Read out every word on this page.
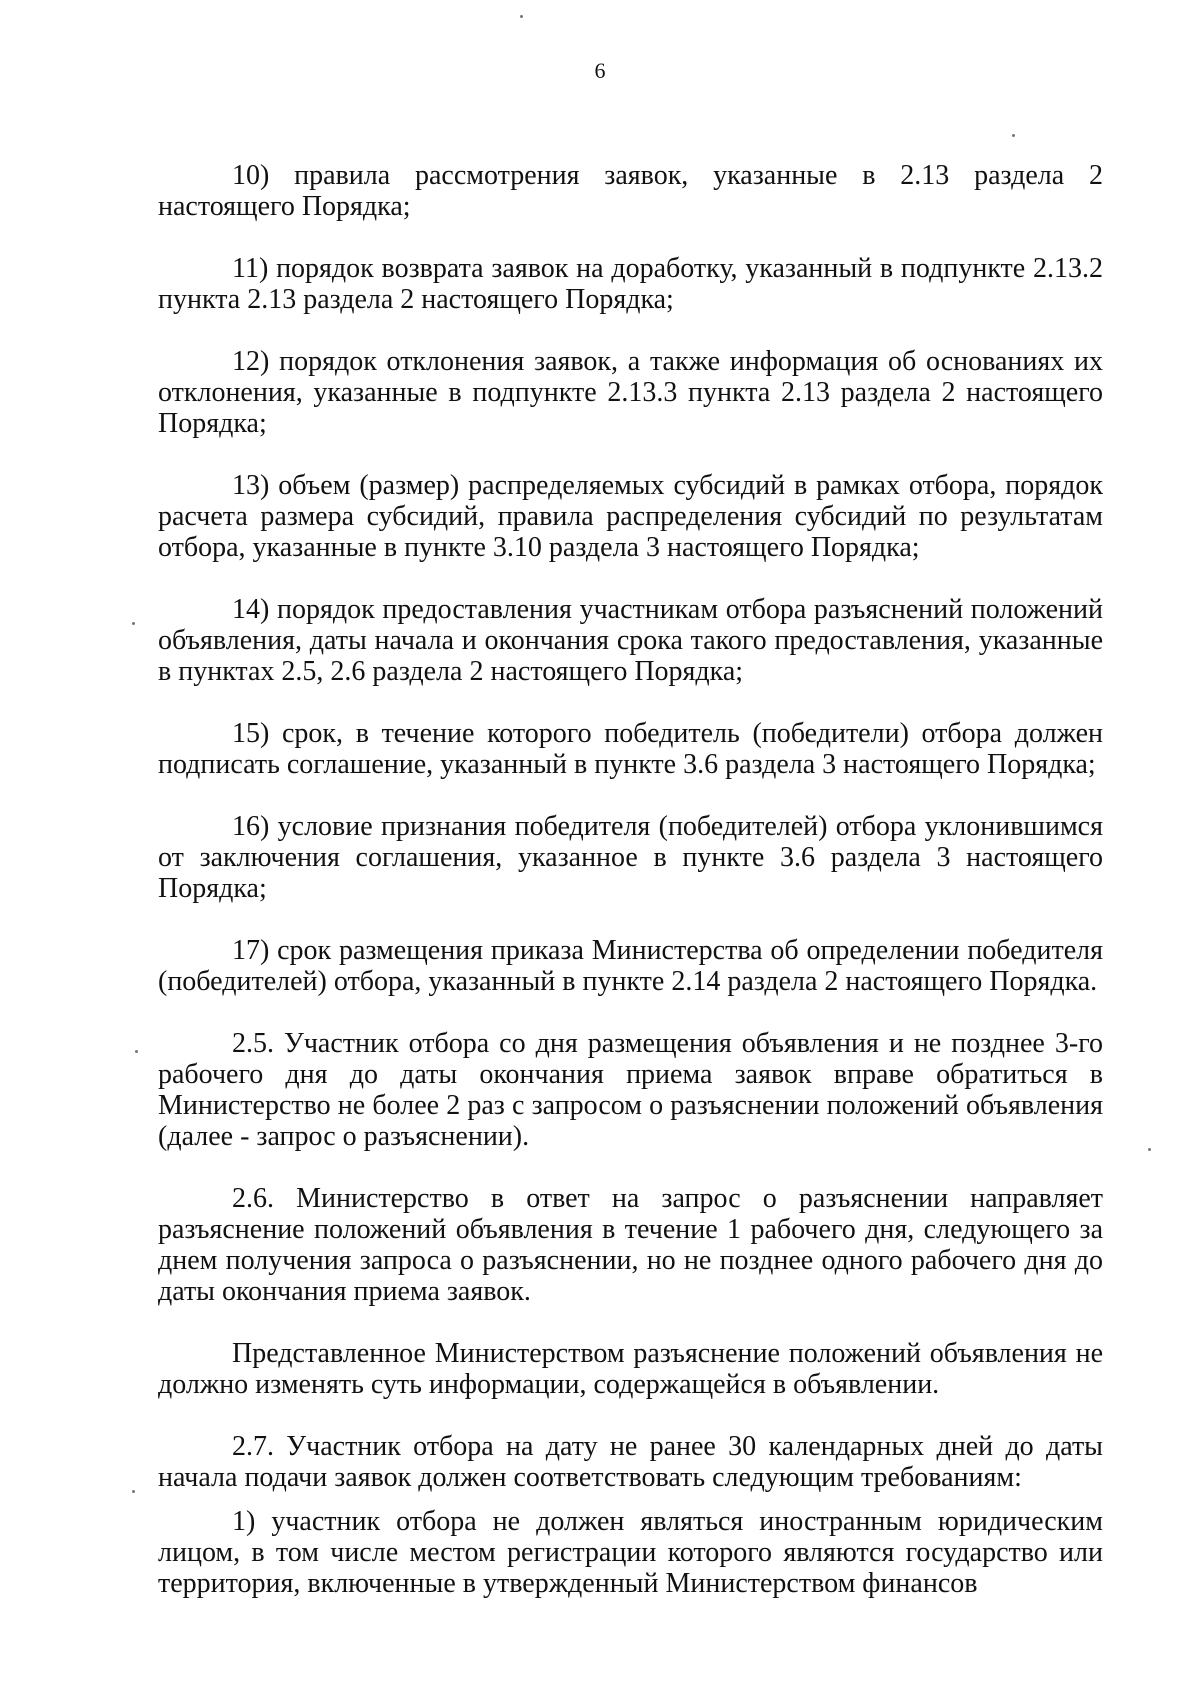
6

10) правила рассмотрения заявок, указанные в 2.13 раздела 2 настоящего Порядка;

11) порядок возврата заявок на доработку, указанный в подпункте 2.13.2 пункта 2.13 раздела 2 настоящего Порядка;

12) порядок отклонения заявок, а также информация об основаниях их отклонения, указанные в подпункте 2.13.3 пункта 2.13 раздела 2 настоящего Порядка;

13) объем (размер) распределяемых субсидий в рамках отбора, порядок расчета размера субсидий, правила распределения субсидий по результатам отбора, указанные в пункте 3.10 раздела 3 настоящего Порядка;

14) порядок предоставления участникам отбора разъяснений положений объявления, даты начала и окончания срока такого предоставления, указанные в пунктах 2.5, 2.6 раздела 2 настоящего Порядка;

15) срок, в течение которого победитель (победители) отбора должен подписать соглашение, указанный в пункте 3.6 раздела 3 настоящего Порядка;

16) условие признания победителя (победителей) отбора уклонившимся от заключения соглашения, указанное в пункте 3.6 раздела 3 настоящего Порядка;

17) срок размещения приказа Министерства об определении победителя (победителей) отбора, указанный в пункте 2.14 раздела 2 настоящего Порядка.

2.5. Участник отбора со дня размещения объявления и не позднее 3-го рабочего дня до даты окончания приема заявок вправе обратиться в Министерство не более 2 раз с запросом о разъяснении положений объявления (далее - запрос о разъяснении).

2.6. Министерство в ответ на запрос о разъяснении направляет разъяснение положений объявления в течение 1 рабочего дня, следующего за днем получения запроса о разъяснении, но не позднее одного рабочего дня до даты окончания приема заявок.

Представленное Министерством разъяснение положений объявления не должно изменять суть информации, содержащейся в объявлении.

2.7. Участник отбора на дату не ранее 30 календарных дней до даты начала подачи заявок должен соответствовать следующим требованиям:

1) участник отбора не должен являться иностранным юридическим лицом, в том числе местом регистрации которого являются государство или территория, включенные в утвержденный Министерством финансов
